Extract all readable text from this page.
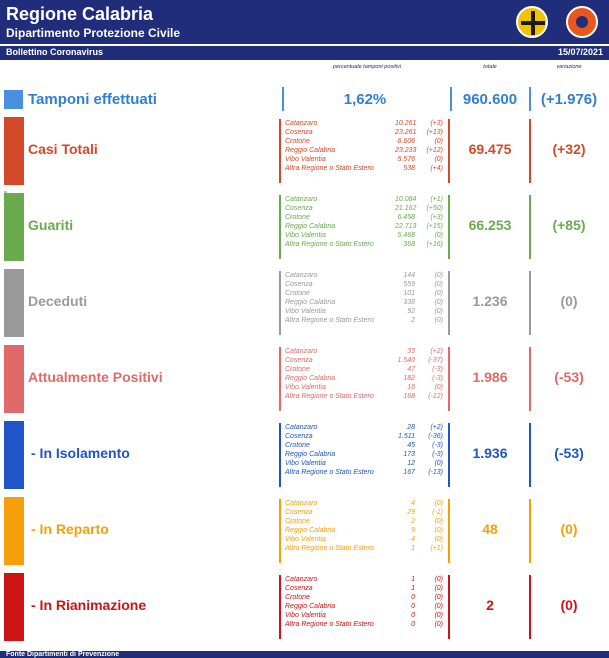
Regione Calabria
Dipartimento Protezione Civile
Bollettino Coronavirus	15/07/2021
percentuale tamponi positivi	totale	variazione
Tamponi effettuati	1,62%	960.600	(+1.976)
Casi Totali
Catanzaro	10.261	(+3)
Cosenza	23.261	(+13)
Crotone	6.606	(0)
Reggio Calabria	23.233	(+12)
Vibo Valentia	5.576	(0)
Altra Regione o Stato Estero	538	(+4)
69.475	(+32)
Guariti
Catanzaro	10.084	(+1)
Cosenza	21.162	(+50)
Crotone	6.458	(+3)
Reggio Calabria	22.713	(+15)
Vibo Valentia	5.468	(0)
Altra Regione o Stato Estero	368	(+16)
66.253	(+85)
Deceduti
Catanzaro	144	(0)
Cosenza	559	(0)
Crotone	101	(0)
Reggio Calabria	338	(0)
Vibo Valentia	92	(0)
Altra Regione o Stato Estero	2	(0)
1.236	(0)
Attualmente Positivi
Catanzaro	33	(+2)
Cosenza	1.540	(-37)
Crotone	47	(-3)
Reggio Calabria	182	(-3)
Vibo Valentia	16	(0)
Altra Regione o Stato Estero	168	(-12)
1.986	(-53)
- In Isolamento
Catanzaro	28	(+2)
Cosenza	1.511	(-36)
Crotone	45	(-3)
Reggio Calabria	173	(-3)
Vibo Valentia	12	(0)
Altra Regione o Stato Estero	167	(-13)
1.936	(-53)
- In Reparto
Catanzaro	4	(0)
Cosenza	29	(-1)
Crotone	2	(0)
Reggio Calabria	9	(0)
Vibo Valentia	4	(0)
Altra Regione o Stato Estero	1	(+1)
48	(0)
- In Rianimazione
Catanzaro	1	(0)
Cosenza	1	(0)
Crotone	0	(0)
Reggio Calabria	0	(0)
Vibo Valentia	0	(0)
Altra Regione o Stato Estero	0	(0)
2	(0)
Fonte Dipartimenti di Prevenzione
